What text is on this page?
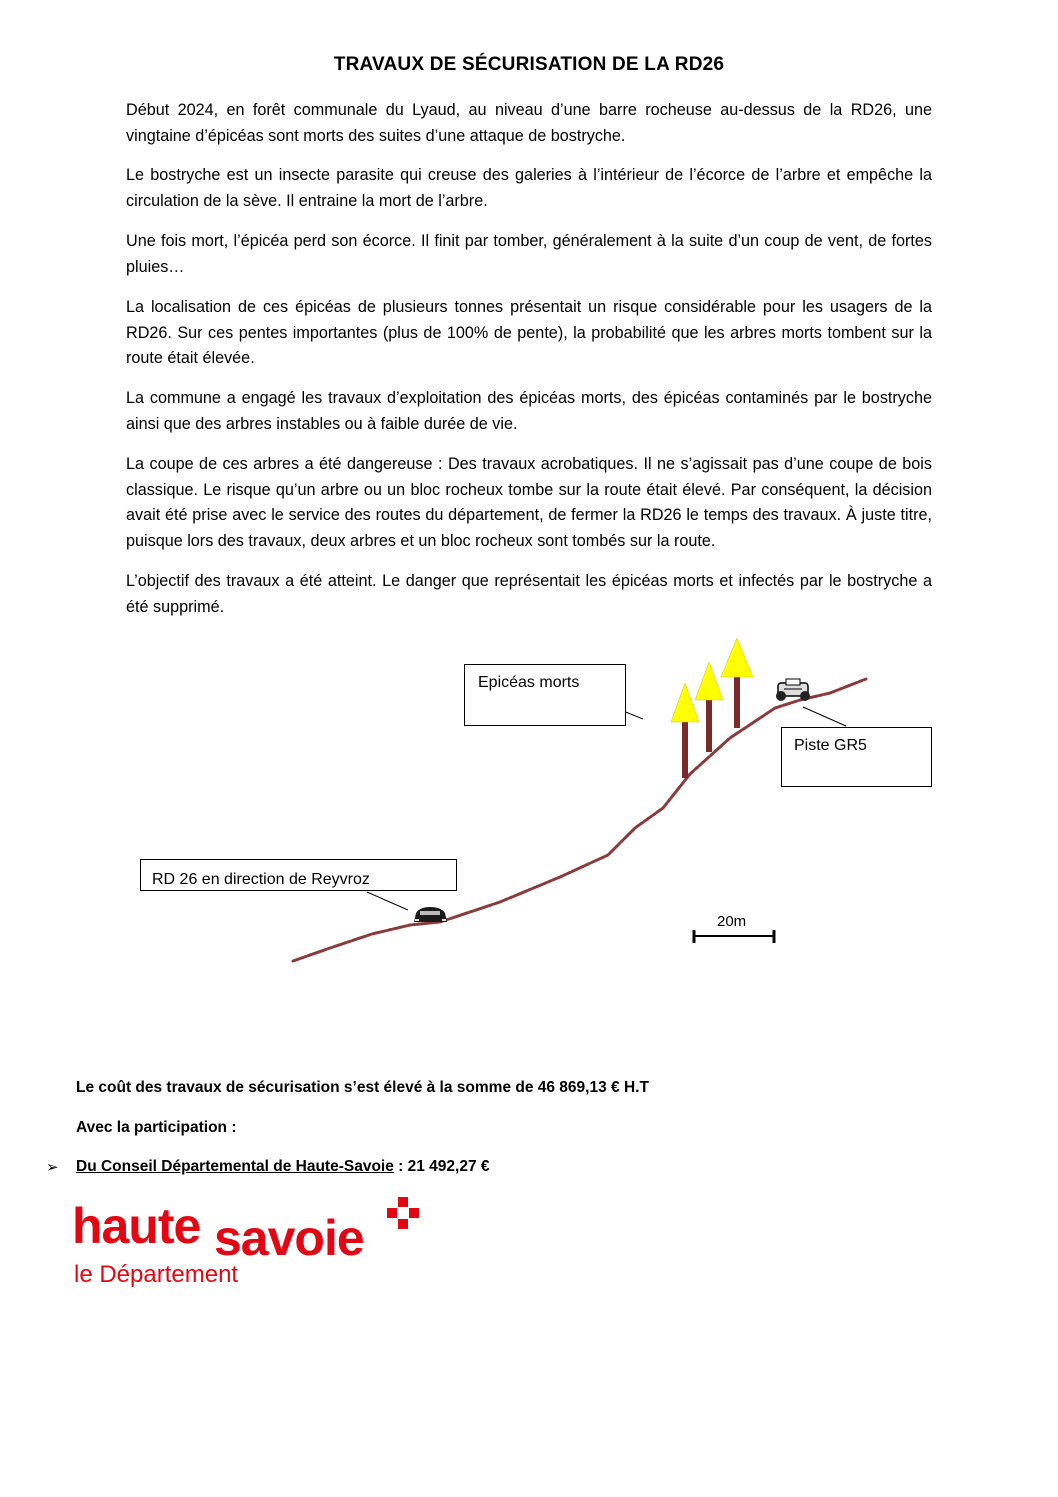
TRAVAUX DE SÉCURISATION DE LA RD26

Début 2024, en forêt communale du Lyaud, au niveau d’une barre rocheuse au-dessus de la RD26, une vingtaine d’épicéas sont morts des suites d’une attaque de bostryche.

Le bostryche est un insecte parasite qui creuse des galeries à l’intérieur de l’écorce de l’arbre et empêche la circulation de la sève. Il entraine la mort de l’arbre.

Une fois mort, l’épicéa perd son écorce. Il finit par tomber, généralement à la suite d’un coup de vent, de fortes pluies…

La localisation de ces épicéas de plusieurs tonnes présentait un risque considérable pour les usagers de la RD26. Sur ces pentes importantes (plus de 100% de pente), la probabilité que les arbres morts tombent sur la route était élevée.

La commune a engagé les travaux d’exploitation des épicéas morts, des épicéas contaminés par le bostryche ainsi que des arbres instables ou à faible durée de vie.

La coupe de ces arbres a été dangereuse : Des travaux acrobatiques. Il ne s’agissait pas d’une coupe de bois classique. Le risque qu’un arbre ou un bloc rocheux tombe sur la route était élevé. Par conséquent, la décision avait été prise avec le service des routes du département, de fermer la RD26 le temps des travaux. À juste titre, puisque lors des travaux, deux arbres et un bloc rocheux sont tombés sur la route.

L’objectif des travaux a été atteint. Le danger que représentait les épicéas morts et infectés par le bostryche a été supprimé.

Epicéas morts
Piste GR5
RD 26 en direction de Reyvroz
20m
Le coût des travaux de sécurisation s’est élevé à la somme de 46 869,13 € H.T
Avec la participation :
➢ Du Conseil Départemental de Haute-Savoie : 21 492,27 €
haute savoie
le Département
